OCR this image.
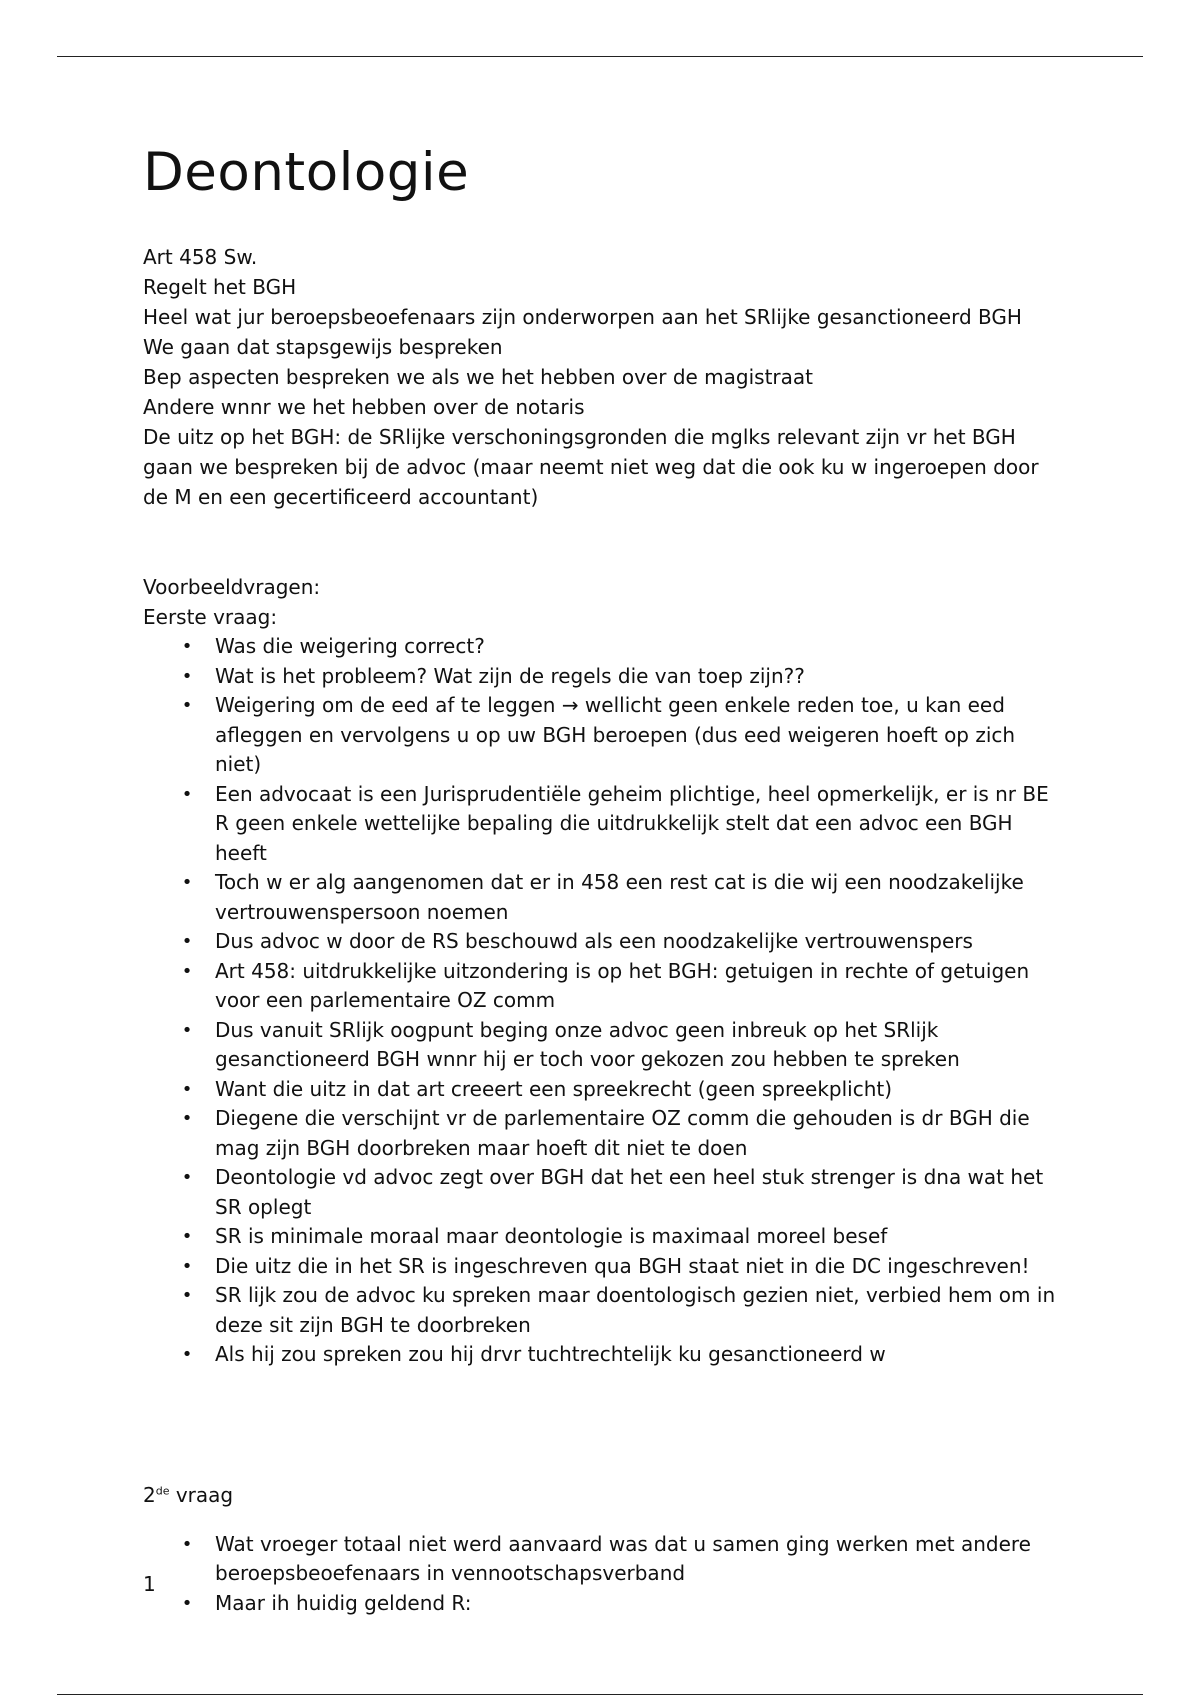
Deontologie

Art 458 Sw.

Regelt het BGH

Heel wat jur beroepsbeoefenaars zijn onderworpen aan het SRlijke gesanctioneerd BGH

We gaan dat stapsgewijs bespreken

Bep aspecten bespreken we als we het hebben over de magistraat

Andere wnnr we het hebben over de notaris

De uitz op het BGH: de SRlijke verschoningsgronden die mglks relevant zijn vr het BGH gaan we bespreken bij de advoc (maar neemt niet weg dat die ook ku w ingeroepen door de M en een gecertificeerd accountant)

Voorbeeldvragen:

Eerste vraag:

• Was die weigering correct?
• Wat is het probleem? Wat zijn de regels die van toep zijn??
• Weigering om de eed af te leggen → wellicht geen enkele reden toe, u kan eed afleggen en vervolgens u op uw BGH beroepen (dus eed weigeren hoeft op zich niet)
• Een advocaat is een Jurisprudentiële geheim plichtige, heel opmerkelijk, er is nr BE R geen enkele wettelijke bepaling die uitdrukkelijk stelt dat een advoc een BGH heeft
• Toch w er alg aangenomen dat er in 458 een rest cat is die wij een noodzakelijke vertrouwenspersoon noemen
• Dus advoc w door de RS beschouwd als een noodzakelijke vertrouwenspers
• Art 458: uitdrukkelijke uitzondering is op het BGH: getuigen in rechte of getuigen voor een parlementaire OZ comm
• Dus vanuit SRlijk oogpunt beging onze advoc geen inbreuk op het SRlijk gesanctioneerd BGH wnnr hij er toch voor gekozen zou hebben te spreken
• Want die uitz in dat art creeert een spreekrecht (geen spreekplicht)
• Diegene die verschijnt vr de parlementaire OZ comm die gehouden is dr BGH die mag zijn BGH doorbreken maar hoeft dit niet te doen
• Deontologie vd advoc zegt over BGH dat het een heel stuk strenger is dna wat het SR oplegt
• SR is minimale moraal maar deontologie is maximaal moreel besef
• Die uitz die in het SR is ingeschreven qua BGH staat niet in die DC ingeschreven!
• SR lijk zou de advoc ku spreken maar doentologisch gezien niet, verbied hem om in deze sit zijn BGH te doorbreken
• Als hij zou spreken zou hij drvr tuchtrechtelijk ku gesanctioneerd w

2de vraag

• Wat vroeger totaal niet werd aanvaard was dat u samen ging werken met andere beroepsbeoefenaars in vennootschapsverband
• Maar ih huidig geldend R:
1
